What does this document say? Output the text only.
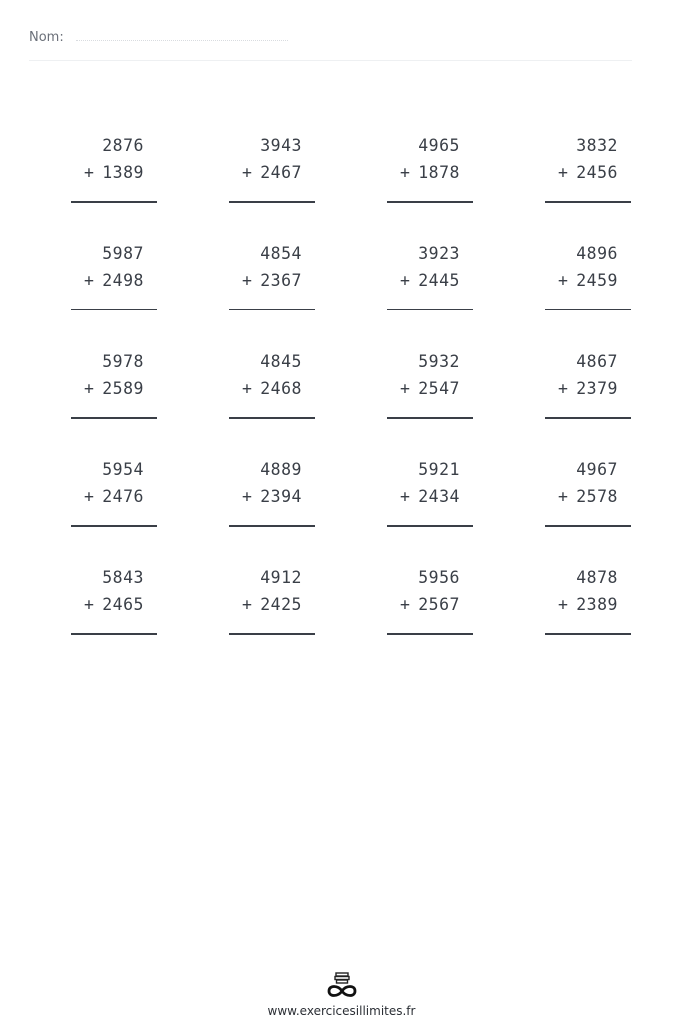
Nom:
2876
+ 1389
3943
+ 2467
4965
+ 1878
3832
+ 2456
5987
+ 2498
4854
+ 2367
3923
+ 2445
4896
+ 2459
5978
+ 2589
4845
+ 2468
5932
+ 2547
4867
+ 2379
5954
+ 2476
4889
+ 2394
5921
+ 2434
4967
+ 2578
5843
+ 2465
4912
+ 2425
5956
+ 2567
4878
+ 2389
www.exercicesillimites.fr
